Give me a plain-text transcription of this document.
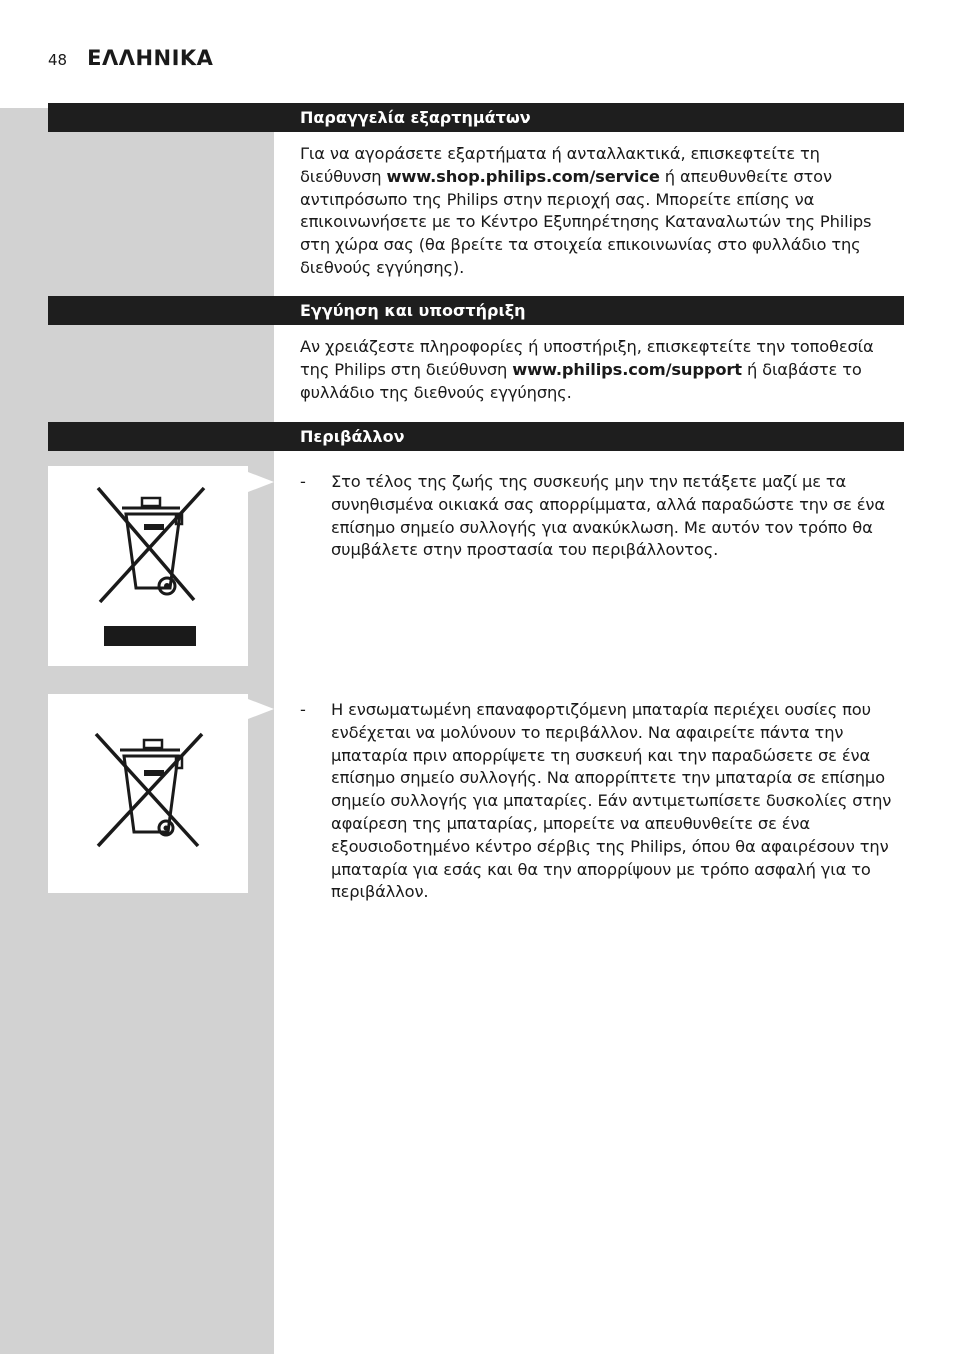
48 ΕΛΛΗΝΙΚΑ
Παραγγελία εξαρτημάτων

Για να αγοράσετε εξαρτήματα ή ανταλλακτικά, επισκεφτείτε τη διεύθυνση www.shop.philips.com/service ή απευθυνθείτε στον αντιπρόσωπο της Philips στην περιοχή σας. Μπορείτε επίσης να επικοινωνήσετε με το Κέντρο Εξυπηρέτησης Καταναλωτών της Philips στη χώρα σας (θα βρείτε τα στοιχεία επικοινωνίας στο φυλλάδιο της διεθνούς εγγύησης).

Εγγύηση και υποστήριξη

Αν χρειάζεστε πληροφορίες ή υποστήριξη, επισκεφτείτε την τοποθεσία της Philips στη διεύθυνση www.philips.com/support ή διαβάστε το φυλλάδιο της διεθνούς εγγύησης.

Περιβάλλον
-	Στο τέλος της ζωής της συσκευής μην την πετάξετε μαζί με τα συνηθισμένα οικιακά σας απορρίμματα, αλλά παραδώστε την σε ένα επίσημο σημείο συλλογής για ανακύκλωση. Με αυτόν τον τρόπο θα συμβάλετε στην προστασία του περιβάλλοντος.
-	Η ενσωματωμένη επαναφορτιζόμενη μπαταρία περιέχει ουσίες που ενδέχεται να μολύνουν το περιβάλλον. Να αφαιρείτε πάντα την μπαταρία πριν απορρίψετε τη συσκευή και την παραδώσετε σε ένα επίσημο σημείο συλλογής. Να απορρίπτετε την μπαταρία σε επίσημο σημείο συλλογής για μπαταρίες. Εάν αντιμετωπίσετε δυσκολίες στην αφαίρεση της μπαταρίας, μπορείτε να απευθυνθείτε σε ένα εξουσιοδοτημένο κέντρο σέρβις της Philips, όπου θα αφαιρέσουν την μπαταρία για εσάς και θα την απορρίψουν με τρόπο ασφαλή για το περιβάλλον.
